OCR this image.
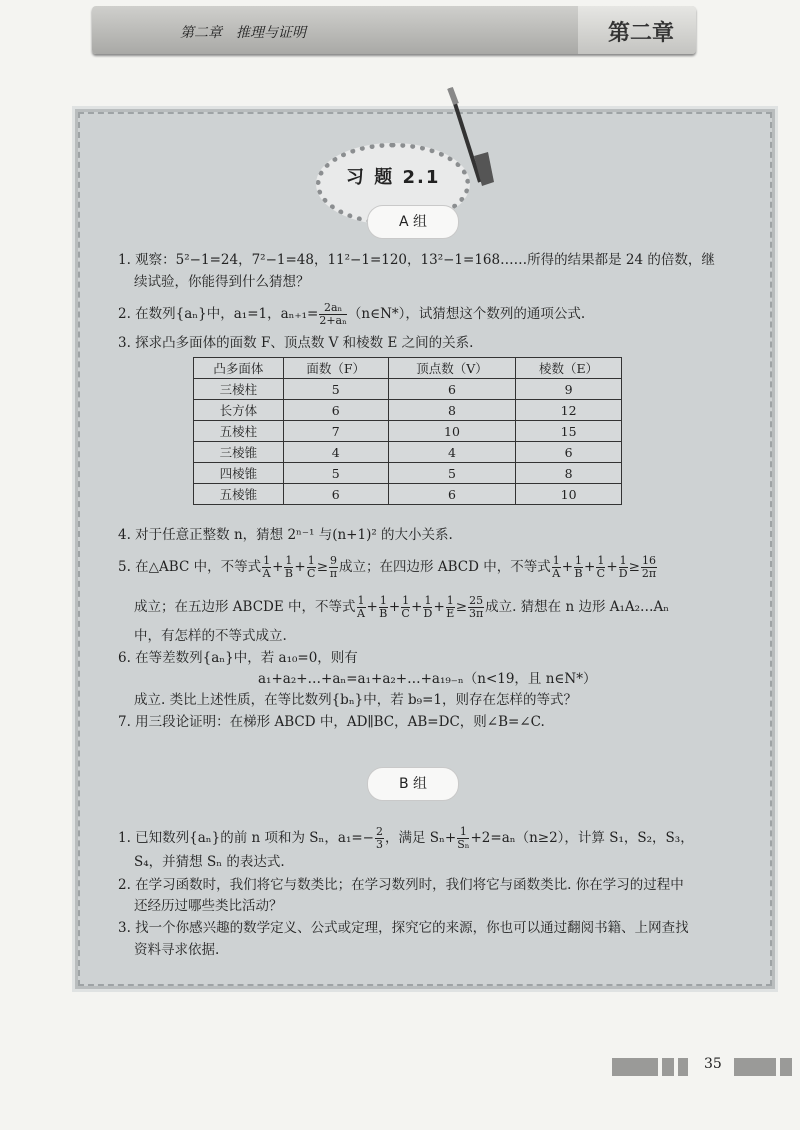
第二章　推理与证明	第二章
习 题 2.1
A 组
1. 观察：5²−1=24，7²−1=48，11²−1=120，13²−1=168……所得的结果都是 24 的倍数，继
续试验，你能得到什么猜想？
2. 在数列{aₙ}中，a₁=1，$a_{n+1}= \frac{\text{2aₙ}}{\text{2+aₙ}}$ （n∈N*），试猜想这个数列的通项公式.
3. 探求凸多面体的面数 F、顶点数 V 和棱数 E 之间的关系.
凸多面体	面数（F）	顶点数（V）	棱数（E）
三棱柱	5	6	9
长方体	6	8	12
五棱柱	7	10	15
三棱锥	4	4	6
四棱锥	5	5	8
五棱锥	6	6	10
4. 对于任意正整数 n，猜想 2ⁿ⁻¹ 与(n+1)² 的大小关系.
5. 在△ABC 中，不等式 $\frac{1}{A} + \frac{1}{B} + \frac{1}{C} \ge \frac{9}{\pi}$ 成立；在四边形 ABCD 中，不等式 $\frac{1}{A} + \frac{1}{B} + \frac{1}{C} + \frac{1}{D} \ge \frac{16}{2\pi}$
成立；在五边形 ABCDE 中，不等式 $\frac{1}{A} + \frac{1}{B} + \frac{1}{C} + \frac{1}{D} + \frac{1}{E} \ge \frac{25}{3\pi}$ 成立. 猜想在 n 边形 A₁A₂…Aₙ
中，有怎样的不等式成立.
6. 在等差数列{aₙ}中，若 a₁₀=0，则有
a₁+a₂+…+aₙ=a₁+a₂+…+a₁₉₋ₙ（n<19，且 n∈N*）
成立. 类比上述性质，在等比数列{bₙ}中，若 b₉=1，则存在怎样的等式？
7. 用三段论证明：在梯形 ABCD 中，AD∥BC，AB=DC，则∠B=∠C.
B 组
1. 已知数列{aₙ}的前 n 项和为 Sₙ，$a_1=- \frac{2}{3}$ ，满足 $S_n+ \frac{1}{\text{Sₙ}} +2=a_n(n\ge 2)$，计算 S₁，S₂，S₃，
S₄，并猜想 Sₙ 的表达式.
2. 在学习函数时，我们将它与数类比；在学习数列时，我们将它与函数类比. 你在学习的过程中
还经历过哪些类比活动？
3. 找一个你感兴趣的数学定义、公式或定理，探究它的来源，你也可以通过翻阅书籍、上网查找
资料寻求依据.
35
